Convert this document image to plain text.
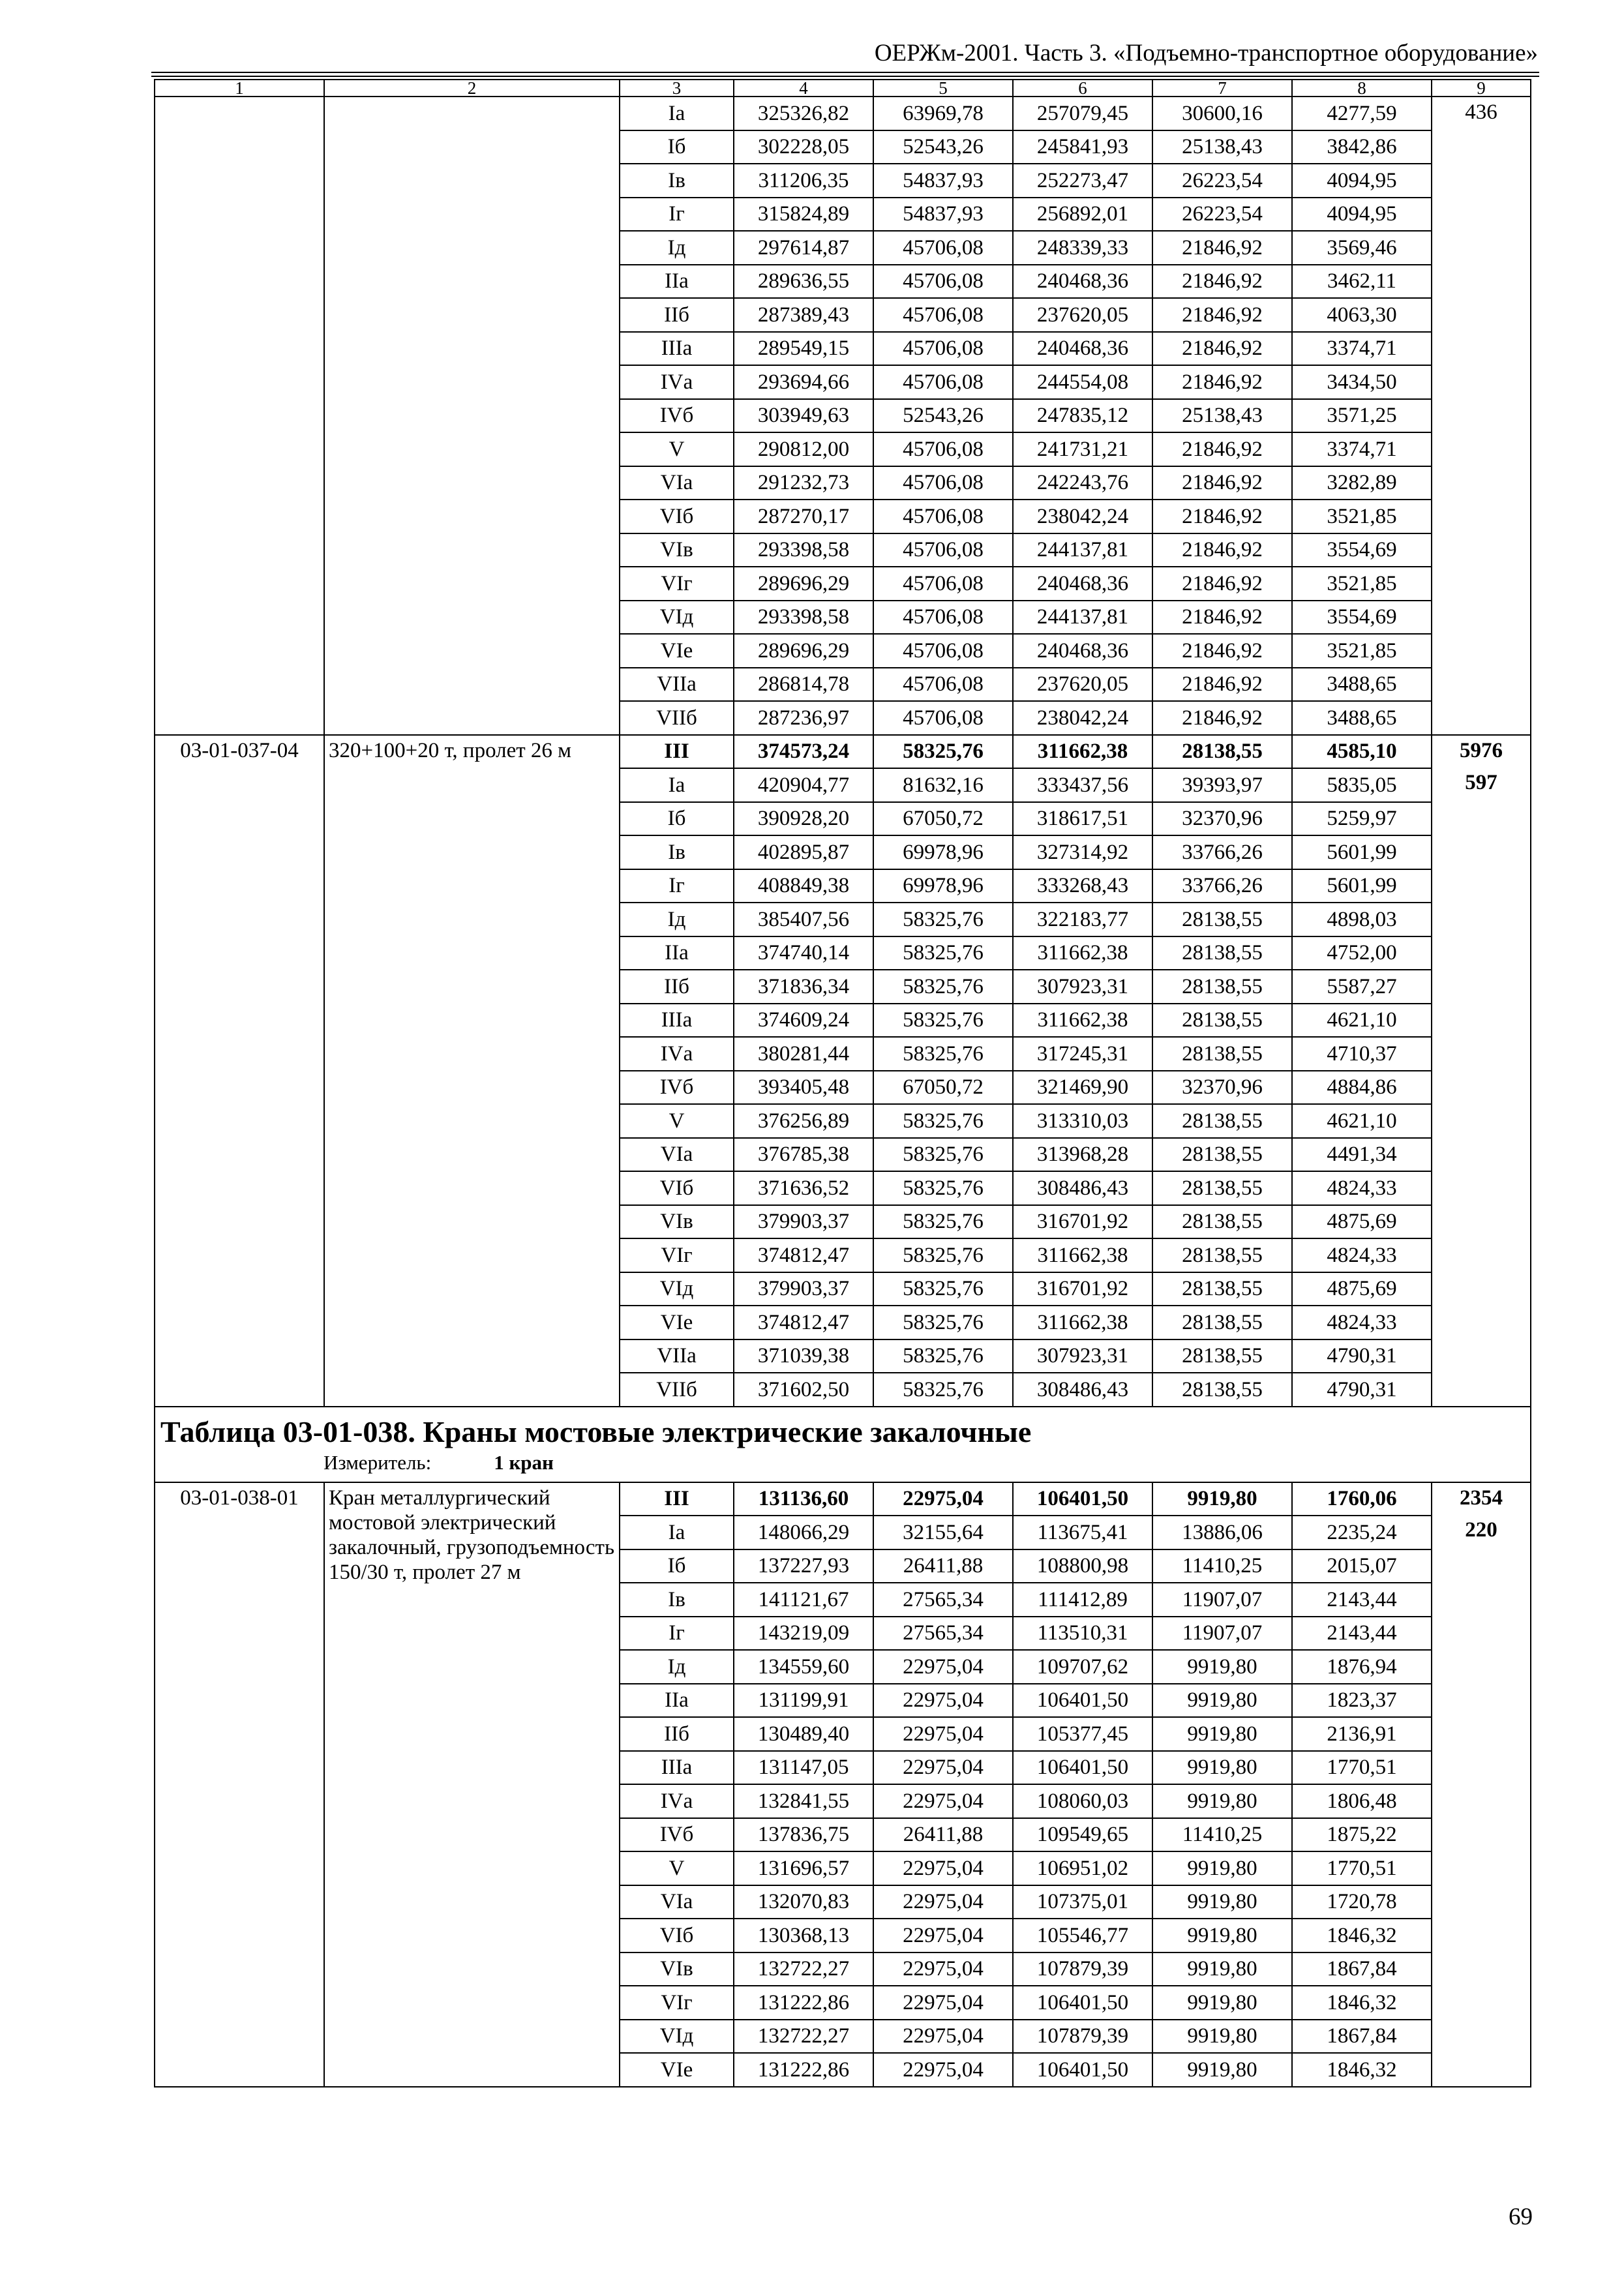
ОЕРЖм-2001. Часть 3. «Подъемно-транспортное оборудование»
1	2	3	4	5	6	7	8	9
		Iа	325326,82	63969,78	257079,45	30600,16	4277,59	436

		Iб	302228,05	52543,26	245841,93	25138,43	3842,86	
		Iв	311206,35	54837,93	252273,47	26223,54	4094,95	
		Iг	315824,89	54837,93	256892,01	26223,54	4094,95	
		Iд	297614,87	45706,08	248339,33	21846,92	3569,46	
		IIа	289636,55	45706,08	240468,36	21846,92	3462,11	
		IIб	287389,43	45706,08	237620,05	21846,92	4063,30	
		IIIа	289549,15	45706,08	240468,36	21846,92	3374,71	
		IVа	293694,66	45706,08	244554,08	21846,92	3434,50	
		IVб	303949,63	52543,26	247835,12	25138,43	3571,25	
		V	290812,00	45706,08	241731,21	21846,92	3374,71	
		VIа	291232,73	45706,08	242243,76	21846,92	3282,89	
		VIб	287270,17	45706,08	238042,24	21846,92	3521,85	
		VIв	293398,58	45706,08	244137,81	21846,92	3554,69	
		VIг	289696,29	45706,08	240468,36	21846,92	3521,85	
		VIд	293398,58	45706,08	244137,81	21846,92	3554,69	
		VIе	289696,29	45706,08	240468,36	21846,92	3521,85	
		VIIа	286814,78	45706,08	237620,05	21846,92	3488,65	
		VIIб	287236,97	45706,08	238042,24	21846,92	3488,65	
03-01-037-04	320+100+20 т, пролет 26 м	III	374573,24	58325,76	311662,38	28138,55	4585,10	5976
597

		Iа	420904,77	81632,16	333437,56	39393,97	5835,05	
		Iб	390928,20	67050,72	318617,51	32370,96	5259,97	
		Iв	402895,87	69978,96	327314,92	33766,26	5601,99	
		Iг	408849,38	69978,96	333268,43	33766,26	5601,99	
		Iд	385407,56	58325,76	322183,77	28138,55	4898,03	
		IIа	374740,14	58325,76	311662,38	28138,55	4752,00	
		IIб	371836,34	58325,76	307923,31	28138,55	5587,27	
		IIIа	374609,24	58325,76	311662,38	28138,55	4621,10	
		IVа	380281,44	58325,76	317245,31	28138,55	4710,37	
		IVб	393405,48	67050,72	321469,90	32370,96	4884,86	
		V	376256,89	58325,76	313310,03	28138,55	4621,10	
		VIа	376785,38	58325,76	313968,28	28138,55	4491,34	
		VIб	371636,52	58325,76	308486,43	28138,55	4824,33	
		VIв	379903,37	58325,76	316701,92	28138,55	4875,69	
		VIг	374812,47	58325,76	311662,38	28138,55	4824,33	
		VIд	379903,37	58325,76	316701,92	28138,55	4875,69	
		VIе	374812,47	58325,76	311662,38	28138,55	4824,33	
		VIIа	371039,38	58325,76	307923,31	28138,55	4790,31	
		VIIб	371602,50	58325,76	308486,43	28138,55	4790,31	

Таблица 03-01-038. Краны мостовые электрические закалочные
Измеритель: 1 кран								

03-01-038-01	Кран металлургический мостовой электрический закалочный, грузоподъемность 150/30 т, пролет 27 м	III	131136,60	22975,04	106401,50	9919,80	1760,06	2354
220

		Iа	148066,29	32155,64	113675,41	13886,06	2235,24	
		Iб	137227,93	26411,88	108800,98	11410,25	2015,07	
		Iв	141121,67	27565,34	111412,89	11907,07	2143,44	
		Iг	143219,09	27565,34	113510,31	11907,07	2143,44	
		Iд	134559,60	22975,04	109707,62	9919,80	1876,94	
		IIа	131199,91	22975,04	106401,50	9919,80	1823,37	
		IIб	130489,40	22975,04	105377,45	9919,80	2136,91	
		IIIа	131147,05	22975,04	106401,50	9919,80	1770,51	
		IVа	132841,55	22975,04	108060,03	9919,80	1806,48	
		IVб	137836,75	26411,88	109549,65	11410,25	1875,22	
		V	131696,57	22975,04	106951,02	9919,80	1770,51	
		VIа	132070,83	22975,04	107375,01	9919,80	1720,78	
		VIб	130368,13	22975,04	105546,77	9919,80	1846,32	
		VIв	132722,27	22975,04	107879,39	9919,80	1867,84	
		VIг	131222,86	22975,04	106401,50	9919,80	1846,32	
		VIд	132722,27	22975,04	107879,39	9919,80	1867,84	
		VIе	131222,86	22975,04	106401,50	9919,80	1846,32	
69
